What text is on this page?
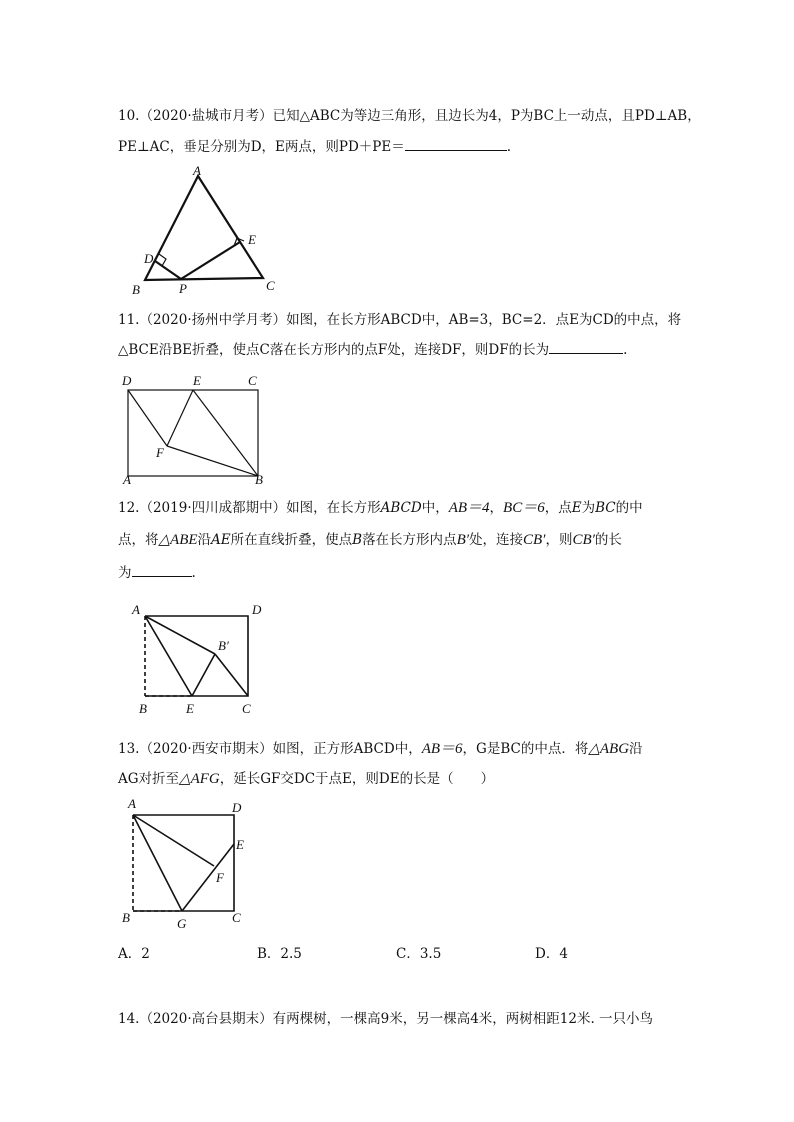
10.（2020·盐城市月考）已知△ABC为等边三角形，且边长为4，P为BC上一动点，且PD⊥AB，
PE⊥AC，垂足分别为D，E两点，则PD＋PE＝	.
A
B	C
D
E
P
11.（2020·扬州中学月考）如图，在长方形ABCD中，AB=3，BC=2．点E为CD的中点，将
△BCE沿BE折叠，使点C落在长方形内的点F处，连接DF，则DF的长为	.
D	E	C
F
A	B
12.（2019·四川成都期中）如图，在长方形ABCD中，AB＝4，BC＝6，点E为BC的中
点，将△ABE沿AE所在直线折叠，使点B落在长方形内点B′处，连接CB′，则CB′的长
为	.
A	D
B′
B	E	C
13.（2020·西安市期末）如图，正方形ABCD中，AB＝6，G是BC的中点．将△ABG沿
AG对折至△AFG，延长GF交DC于点E，则DE的长是（　　）
A	D
E
F
B	G	C
A．2	B．2.5	C．3.5	D．4
14.（2020·高台县期末）有两棵树，一棵高9米，另一棵高4米，两树相距12米. 一只小鸟
